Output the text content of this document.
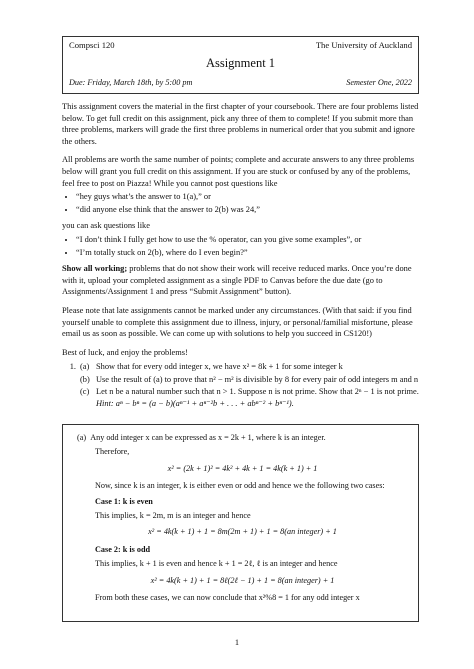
Compsci 120	The University of Auckland
Assignment 1
Due: Friday, March 18th, by 5:00 pm	Semester One, 2022

This assignment covers the material in the first chapter of your coursebook. There are four problems listed below. To get full credit on this assignment, pick any three of them to complete! If you submit more than three problems, markers will grade the first three problems in numerical order that you submit and ignore the others.

All problems are worth the same number of points; complete and accurate answers to any three problems below will grant you full credit on this assignment. If you are stuck or confused by any of the problems, feel free to post on Piazza! While you cannot post questions like

• “hey guys what’s the answer to 1(a),” or
• “did anyone else think that the answer to 2(b) was 24,”

you can ask questions like

• “I don’t think I fully get how to use the % operator, can you give some examples”, or
• “I’m totally stuck on 2(b), where do I even begin?”

Show all working; problems that do not show their work will receive reduced marks. Once you’re done with it, upload your completed assignment as a single PDF to Canvas before the due date (go to Assignments/Assignment 1 and press “Submit Assignment” button).

Please note that late assignments cannot be marked under any circumstances. (With that said: if you find yourself unable to complete this assignment due to illness, injury, or personal/familial misfortune, please email us as soon as possible. We can come up with solutions to help you succeed in CS120!)

Best of luck, and enjoy the problems!

1. (a) Show that for every odd integer x, we have x² = 8k + 1 for some integer k
(b) Use the result of (a) to prove that n² − m² is divisible by 8 for every pair of odd integers m and n
(c) Let n be a natural number such that n > 1. Suppose n is not prime. Show that 2ⁿ − 1 is not prime.
Hint: aⁿ − bⁿ = (a − b)(aⁿ⁻¹ + aⁿ⁻²b + . . . + abⁿ⁻² + bⁿ⁻¹).

(a) Any odd integer x can be expressed as x = 2k + 1, where k is an integer.

Therefore,

x² = (2k + 1)² = 4k² + 4k + 1 = 4k(k + 1) + 1

Now, since k is an integer, k is either even or odd and hence we the following two cases:

Case 1: k is even

This implies, k = 2m, m is an integer and hence

x² = 4k(k + 1) + 1 = 8m(2m + 1) + 1 = 8(an integer) + 1

Case 2: k is odd

This implies, k + 1 is even and hence k + 1 = 2ℓ, ℓ is an integer and hence

x² = 4k(k + 1) + 1 = 8ℓ(2ℓ − 1) + 1 = 8(an integer) + 1

From both these cases, we can now conclude that x²%8 = 1 for any odd integer x

1
